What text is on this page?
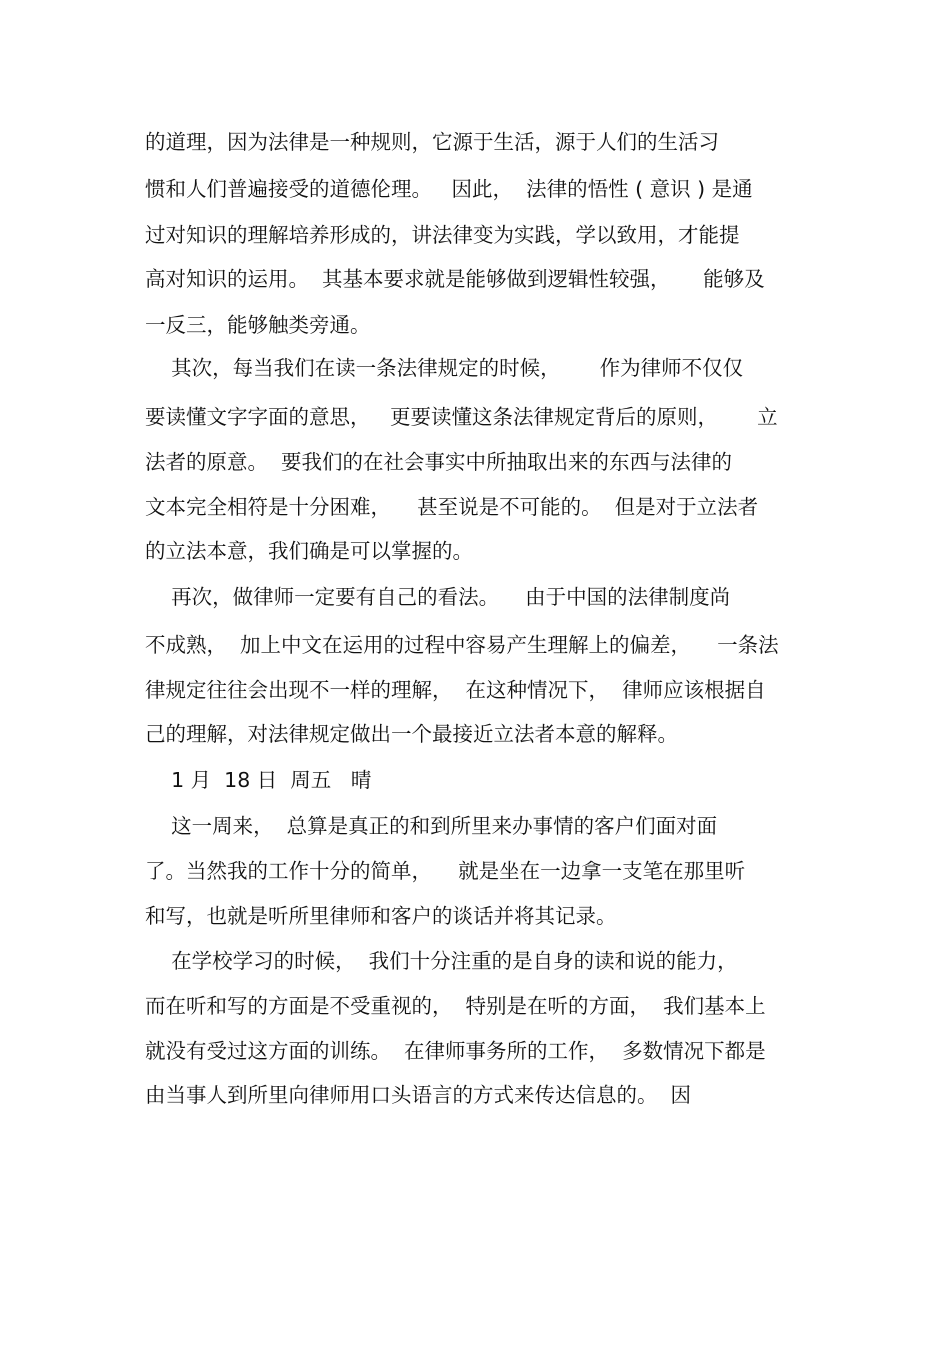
的道理，因为法律是一种规则，它源于生活，源于人们的生活习
惯和人们普遍接受的道德伦理。   因此，  法律的悟性 ( 意识 ) 是通
过对知识的理解培养形成的，讲法律变为实践，学以致用，才能提
高对知识的运用。  其基本要求就是能够做到逻辑性较强，     能够及
一反三，能够触类旁通。
其次，每当我们在读一条法律规定的时候，      作为律师不仅仅
要读懂文字字面的意思，   更要读懂这条法律规定背后的原则，      立
法者的原意。  要我们的在社会事实中所抽取出来的东西与法律的
文本完全相符是十分困难，    甚至说是不可能的。  但是对于立法者
的立法本意，我们确是可以掌握的。
再次，做律师一定要有自己的看法。    由于中国的法律制度尚
不成熟，  加上中文在运用的过程中容易产生理解上的偏差，    一条法
律规定往往会出现不一样的理解，  在这种情况下，  律师应该根据自
己的理解，对法律规定做出一个最接近立法者本意的解释。
1 月  18 日  周五   晴
这一周来，  总算是真正的和到所里来办事情的客户们面对面
了。当然我的工作十分的简单，    就是坐在一边拿一支笔在那里听
和写，也就是听所里律师和客户的谈话并将其记录。
在学校学习的时候，  我们十分注重的是自身的读和说的能力，
而在听和写的方面是不受重视的，  特别是在听的方面，  我们基本上
就没有受过这方面的训练。  在律师事务所的工作，  多数情况下都是
由当事人到所里向律师用口头语言的方式来传达信息的。  因
